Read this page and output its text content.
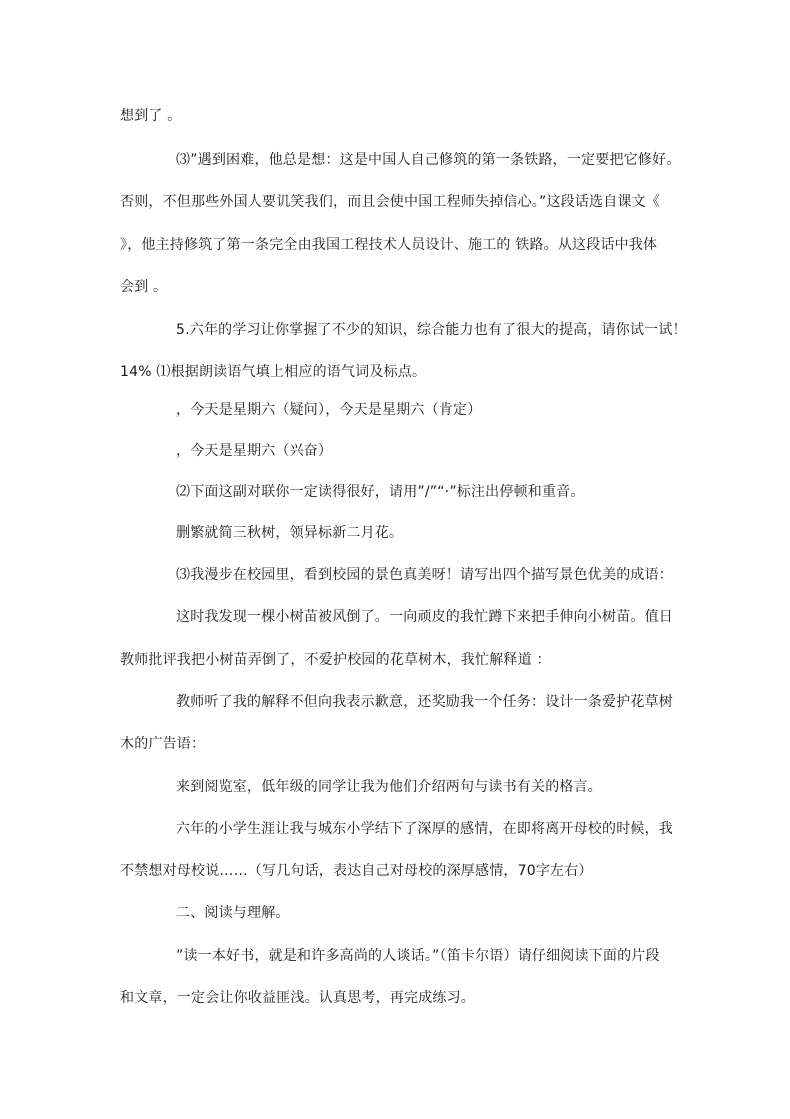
想到了 。
⑶”遇到困难，他总是想：这是中国人自己修筑的第一条铁路，一定要把它修好。
否则，不但那些外国人要讥笑我们，而且会使中国工程师失掉信心。”这段话选自课文《
》，他主持修筑了第一条完全由我国工程技术人员设计、施工的 铁路。从这段话中我体
会到 。
5.六年的学习让你掌握了不少的知识，综合能力也有了很大的提高，请你试一试！
14% ⑴根据朗读语气填上相应的语气词及标点。
，今天是星期六（疑问），今天是星期六（肯定）
，今天是星期六（兴奋）
⑵下面这副对联你一定读得很好，请用”/”“·”标注出停顿和重音。
删繁就简三秋树，领异标新二月花。
⑶我漫步在校园里，看到校园的景色真美呀！请写出四个描写景色优美的成语：
这时我发现一棵小树苗被风倒了。一向顽皮的我忙蹲下来把手伸向小树苗。值日
教师批评我把小树苗弄倒了，不爱护校园的花草树木，我忙解释道 ：
教师听了我的解释不但向我表示歉意，还奖励我一个任务：设计一条爱护花草树
木的广告语：
来到阅览室，低年级的同学让我为他们介绍两句与读书有关的格言。
六年的小学生涯让我与城东小学结下了深厚的感情，在即将离开母校的时候，我
不禁想对母校说……（写几句话，表达自己对母校的深厚感情，70字左右）
二、阅读与理解。
”读一本好书，就是和许多高尚的人谈话。”（笛卡尔语）请仔细阅读下面的片段
和文章，一定会让你收益匪浅。认真思考，再完成练习。
